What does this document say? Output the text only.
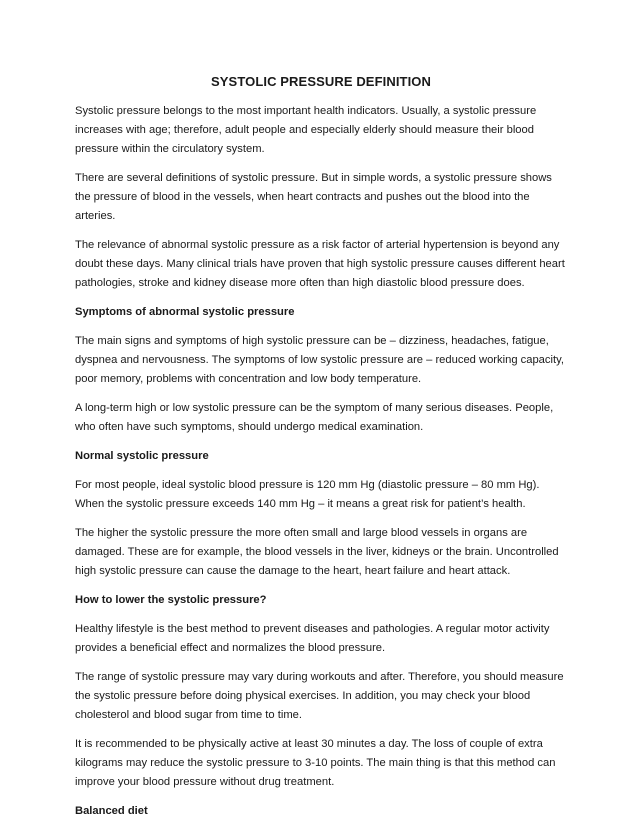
SYSTOLIC PRESSURE DEFINITION

Systolic pressure belongs to the most important health indicators. Usually, a systolic pressure increases with age; therefore, adult people and especially elderly should measure their blood pressure within the circulatory system.

There are several definitions of systolic pressure. But in simple words, a systolic pressure shows the pressure of blood in the vessels, when heart contracts and pushes out the blood into the arteries.

The relevance of abnormal systolic pressure as a risk factor of arterial hypertension is beyond any doubt these days. Many clinical trials have proven that high systolic pressure causes different heart pathologies, stroke and kidney disease more often than high diastolic blood pressure does.

Symptoms of abnormal systolic pressure

The main signs and symptoms of high systolic pressure can be – dizziness, headaches, fatigue, dyspnea and nervousness. The symptoms of low systolic pressure are – reduced working capacity, poor memory, problems with concentration and low body temperature.

A long-term high or low systolic pressure can be the symptom of many serious diseases. People, who often have such symptoms, should undergo medical examination.

Normal systolic pressure

For most people, ideal systolic blood pressure is 120 mm Hg (diastolic pressure – 80 mm Hg). When the systolic pressure exceeds 140 mm Hg – it means a great risk for patient’s health.

The higher the systolic pressure the more often small and large blood vessels in organs are damaged. These are for example, the blood vessels in the liver, kidneys or the brain. Uncontrolled high systolic pressure can cause the damage to the heart, heart failure and heart attack.

How to lower the systolic pressure?

Healthy lifestyle is the best method to prevent diseases and pathologies. A regular motor activity provides a beneficial effect and normalizes the blood pressure.

The range of systolic pressure may vary during workouts and after. Therefore, you should measure the systolic pressure before doing physical exercises. In addition, you may check your blood cholesterol and blood sugar from time to time.

It is recommended to be physically active at least 30 minutes a day. The loss of couple of extra kilograms may reduce the systolic pressure to 3-10 points. The main thing is that this method can improve your blood pressure without drug treatment.

Balanced diet
